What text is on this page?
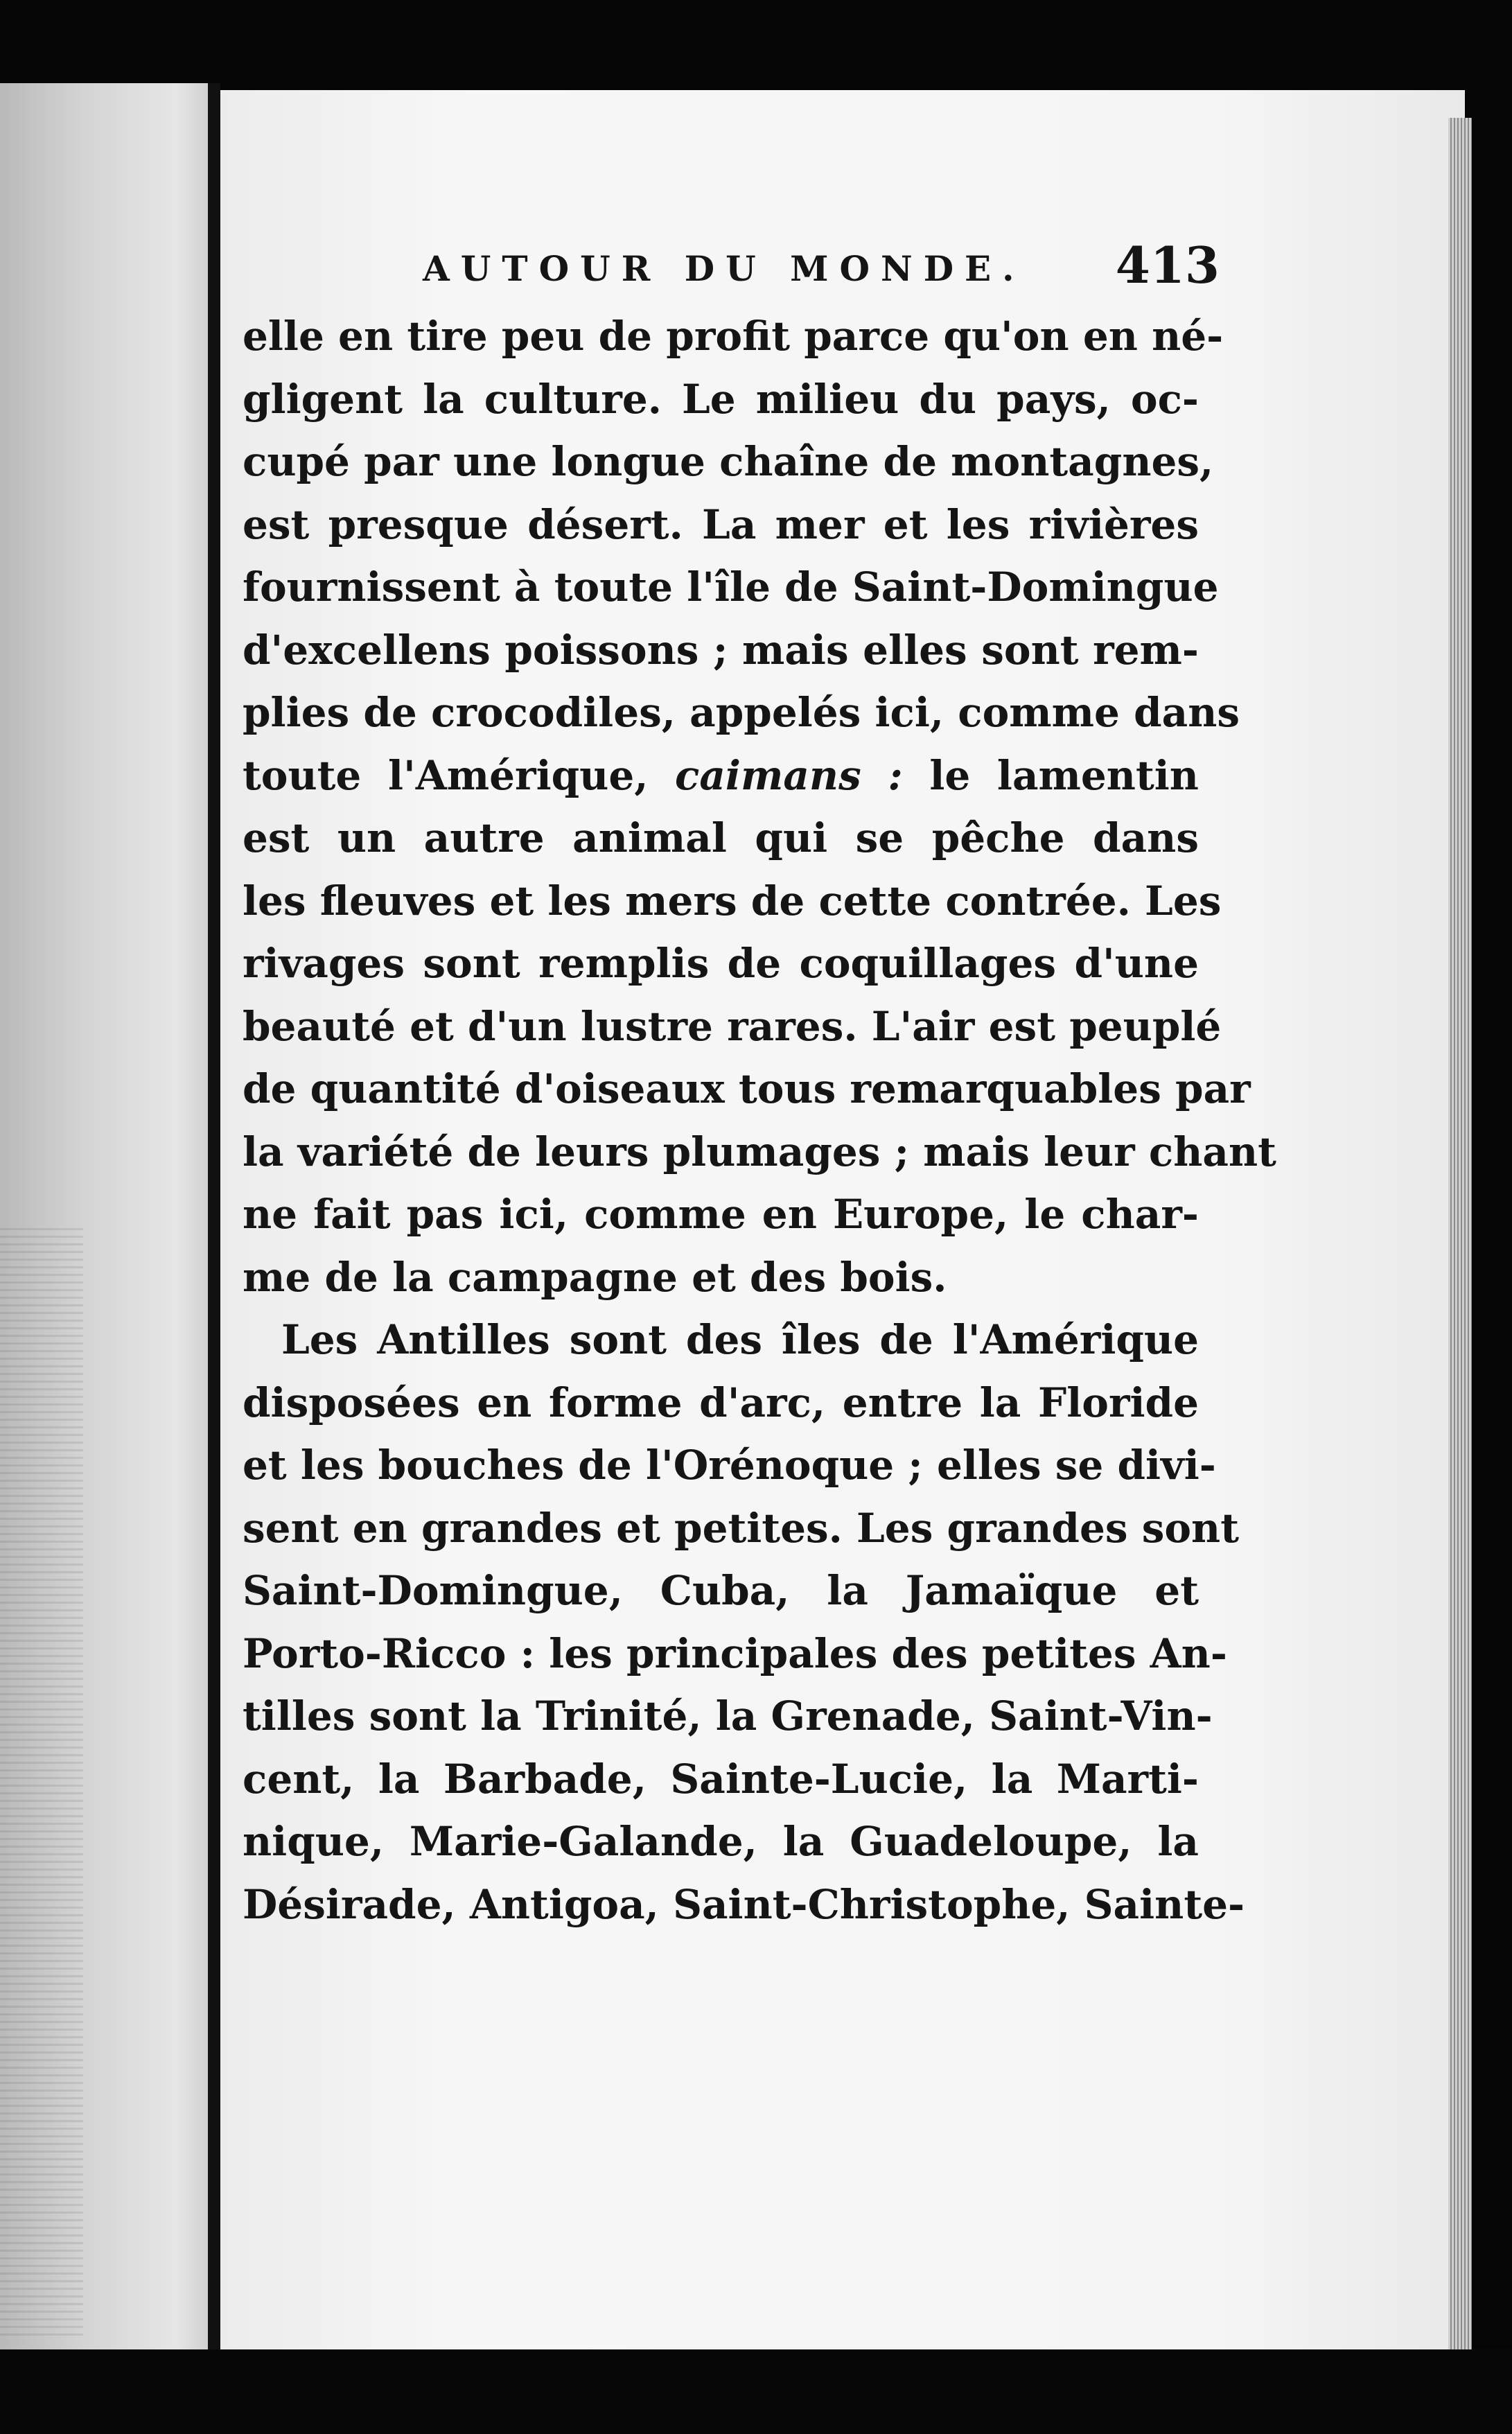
AUTOUR DU MONDE. 413
elle en tire peu de profit parce qu'on en né-
gligent la culture. Le milieu du pays, oc-
cupé par une longue chaîne de montagnes,
est presque désert. La mer et les rivières
fournissent à toute l'île de Saint-Domingue
d'excellens poissons ; mais elles sont rem-
plies de crocodiles, appelés ici, comme dans
toute l'Amérique, caimans : le lamentin
est un autre animal qui se pêche dans
les fleuves et les mers de cette contrée. Les
rivages sont remplis de coquillages d'une
beauté et d'un lustre rares. L'air est peuplé
de quantité d'oiseaux tous remarquables par
la variété de leurs plumages ; mais leur chant
ne fait pas ici, comme en Europe, le char-
me de la campagne et des bois.
Les Antilles sont des îles de l'Amérique
disposées en forme d'arc, entre la Floride
et les bouches de l'Orénoque ; elles se divi-
sent en grandes et petites. Les grandes sont
Saint-Domingue, Cuba, la Jamaïque et
Porto-Ricco : les principales des petites An-
tilles sont la Trinité, la Grenade, Saint-Vin-
cent, la Barbade, Sainte-Lucie, la Marti-
nique, Marie-Galande, la Guadeloupe, la
Désirade, Antigoa, Saint-Christophe, Sainte-
